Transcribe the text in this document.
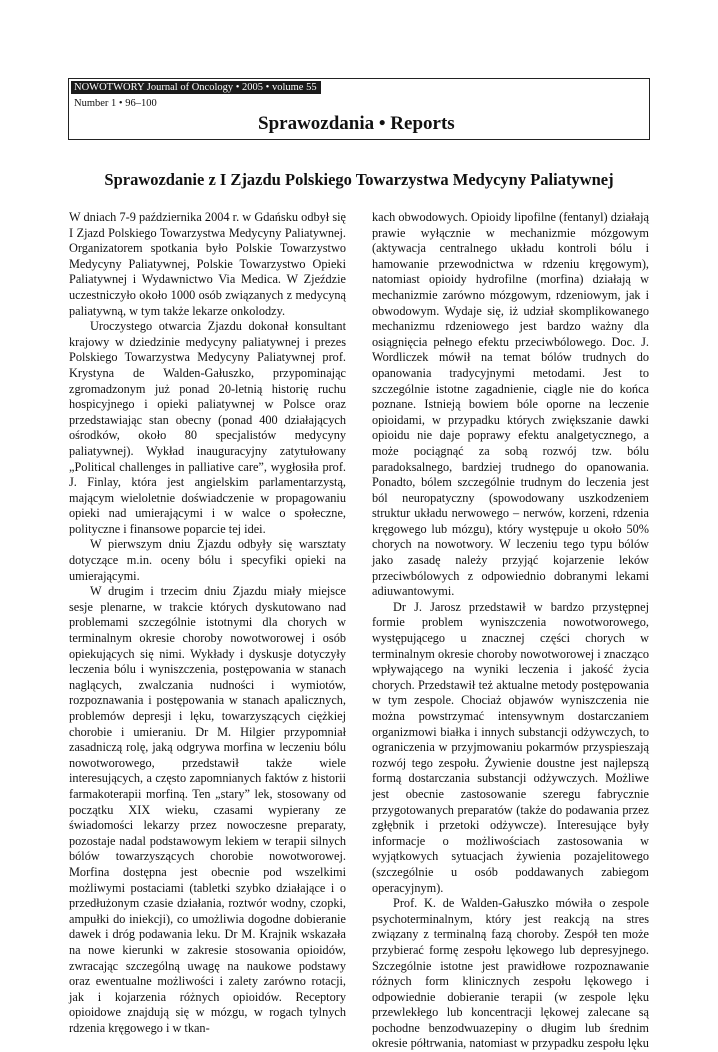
NOWOTWORY Journal of Oncology • 2005 • volume 55
Number 1 • 96–100
Sprawozdania • Reports
Sprawozdanie z I Zjazdu Polskiego Towarzystwa Medycyny Paliatywnej

W dniach 7-9 października 2004 r. w Gdańsku odbył się I Zjazd Polskiego Towarzystwa Medycyny Paliatywnej. Organizatorem spotkania było Polskie Towarzystwo Medycyny Paliatywnej, Polskie Towarzystwo Opieki Paliatywnej i Wydawnictwo Via Medica. W Zjeździe uczestniczyło około 1000 osób związanych z medycyną paliatywną, w tym także lekarze onkolodzy.

Uroczystego otwarcia Zjazdu dokonał konsultant krajowy w dziedzinie medycyny paliatywnej i prezes Polskiego Towarzystwa Medycyny Paliatywnej prof. Krystyna de Walden-Gałuszko, przypominając zgromadzonym już ponad 20-letnią historię ruchu hospicyjnego i opieki paliatywnej w Polsce oraz przedstawiając stan obecny (ponad 400 działających ośrodków, około 80 specjalistów medycyny paliatywnej). Wykład inauguracyjny zatytułowany „Political challenges in palliative care”, wygłosiła prof. J. Finlay, która jest angielskim parlamentarzystą, mającym wieloletnie doświadczenie w propagowaniu opieki nad umierającymi i w walce o społeczne, polityczne i finansowe poparcie tej idei.

W pierwszym dniu Zjazdu odbyły się warsztaty dotyczące m.in. oceny bólu i specyfiki opieki na umierającymi.

W drugim i trzecim dniu Zjazdu miały miejsce sesje plenarne, w trakcie których dyskutowano nad problemami szczególnie istotnymi dla chorych w terminalnym okresie choroby nowotworowej i osób opiekujących się nimi. Wykłady i dyskusje dotyczyły leczenia bólu i wyniszczenia, postępowania w stanach naglących, zwalczania nudności i wymiotów, rozpoznawania i postępowania w stanach apalicznych, problemów depresji i lęku, towarzyszących ciężkiej chorobie i umieraniu. Dr M. Hilgier przypomniał zasadniczą rolę, jaką odgrywa morfina w leczeniu bólu nowotworowego, przedstawił także wiele interesujących, a często zapomnianych faktów z historii farmakoterapii morfiną. Ten „stary” lek, stosowany od początku XIX wieku, czasami wypierany ze świadomości lekarzy przez nowoczesne preparaty, pozostaje nadal podstawowym lekiem w terapii silnych bólów towarzyszących chorobie nowotworowej. Morfina dostępna jest obecnie pod wszelkimi możliwymi postaciami (tabletki szybko działające i o przedłużonym czasie działania, roztwór wodny, czopki, ampułki do iniekcji), co umożliwia dogodne dobieranie dawek i dróg podawania leku. Dr M. Krajnik wskazała na nowe kierunki w zakresie stosowania opioidów, zwracając szczególną uwagę na naukowe podstawy oraz ewentualne możliwości i zalety zarówno rotacji, jak i kojarzenia różnych opioidów. Receptory opioidowe znajdują się w mózgu, w rogach tylnych rdzenia kręgowego i w tkan-

kach obwodowych. Opioidy lipofilne (fentanyl) działają prawie wyłącznie w mechanizmie mózgowym (aktywacja centralnego układu kontroli bólu i hamowanie przewodnictwa w rdzeniu kręgowym), natomiast opioidy hydrofilne (morfina) działają w mechanizmie zarówno mózgowym, rdzeniowym, jak i obwodowym. Wydaje się, iż udział skomplikowanego mechanizmu rdzeniowego jest bardzo ważny dla osiągnięcia pełnego efektu przeciwbólowego. Doc. J. Wordliczek mówił na temat bólów trudnych do opanowania tradycyjnymi metodami. Jest to szczególnie istotne zagadnienie, ciągle nie do końca poznane. Istnieją bowiem bóle oporne na leczenie opioidami, w przypadku których zwiększanie dawki opioidu nie daje poprawy efektu analgetycznego, a może pociągnąć za sobą rozwój tzw. bólu paradoksalnego, bardziej trudnego do opanowania. Ponadto, bólem szczególnie trudnym do leczenia jest ból neuropatyczny (spowodowany uszkodzeniem struktur układu nerwowego – nerwów, korzeni, rdzenia kręgowego lub mózgu), który występuje u około 50% chorych na nowotwory. W leczeniu tego typu bólów jako zasadę należy przyjąć kojarzenie leków przeciwbólowych z odpowiednio dobranymi lekami adiuwantowymi.

Dr J. Jarosz przedstawił w bardzo przystępnej formie problem wyniszczenia nowotworowego, występującego u znacznej części chorych w terminalnym okresie choroby nowotworowej i znacząco wpływającego na wyniki leczenia i jakość życia chorych. Przedstawił też aktualne metody postępowania w tym zespole. Chociaż objawów wyniszczenia nie można powstrzymać intensywnym dostarczaniem organizmowi białka i innych substancji odżywczych, to ograniczenia w przyjmowaniu pokarmów przyspieszają rozwój tego zespołu. Żywienie doustne jest najlepszą formą dostarczania substancji odżywczych. Możliwe jest obecnie zastosowanie szeregu fabrycznie przygotowanych preparatów (także do podawania przez zgłębnik i przetoki odżywcze). Interesujące były informacje o możliwościach zastosowania w wyjątkowych sytuacjach żywienia pozajelitowego (szczególnie u osób poddawanych zabiegom operacyjnym).

Prof. K. de Walden-Gałuszko mówiła o zespole psychoterminalnym, który jest reakcją na stres związany z terminalną fazą choroby. Zespół ten może przybierać formę zespołu lękowego lub depresyjnego. Szczególnie istotne jest prawidłowe rozpoznawanie różnych form klinicznych zespołu lękowego i odpowiednie dobieranie terapii (w zespole lęku przewlekłego lub koncentracji lękowej zalecane są pochodne benzodwuazepiny o długim lub średnim okresie półtrwania, natomiast w przypadku zespołu lęku
